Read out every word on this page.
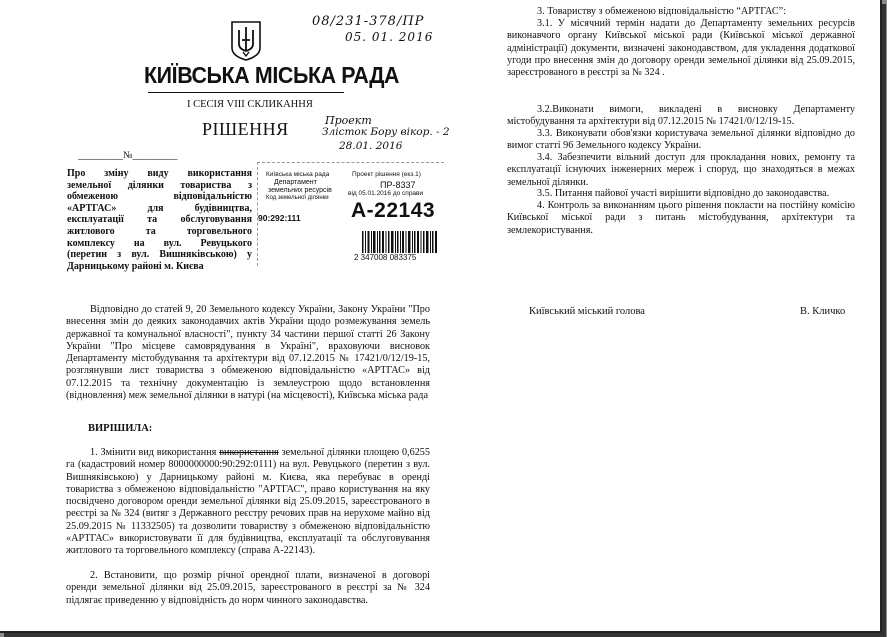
08/231-378/ПР
05. 01. 2016
КИЇВСЬКА МІСЬКА РАДА
І СЕСІЯ VIII СКЛИКАННЯ
РІШЕННЯ	Проект
Злісток Бору вікор. - 2
28.01. 2016
_________№_________
Про зміну виду використання
земельної ділянки товариства з
обмеженою відповідальністю
«АРТГАС» для будівництва,
експлуатації та обслуговування
житлового та торговельного
комплексу на вул. Ревуцького
(перетин з вул. Вишняківською) у
Дарницькому районі м. Києва
Київська міська рада
Департамент
земельних ресурсів
Код земельної ділянки
90:292:111
Проект рішення (екз.1)
ПР-8337
від 05.01.2016 до справи
А-22143
2 347008 083375
Відповідно до статей 9, 20 Земельного кодексу України, Закону України "Про внесення змін до деяких законодавчих актів України щодо розмежування земель державної та комунальної власності", пункту 34 частини першої статті 26 Закону України "Про місцеве самоврядування в Україні", враховуючи висновок Департаменту містобудування та архітектури від 07.12.2015 № 17421/0/12/19-15, розглянувши лист товариства з обмеженою відповідальністю «АРТГАС» від 07.12.2015 та технічну документацію із землеустрою щодо встановлення (відновлення) меж земельної ділянки в натурі (на місцевості), Київська міська рада
ВИРІШИЛА:
1. Змінити вид використання використання земельної ділянки площею 0,6255 га (кадастровий номер 8000000000:90:292:0111) на вул. Ревуцького (перетин з вул. Вишняківською) у Дарницькому районі м. Києва, яка перебуває в оренді товариства з обмеженою відповідальністю "АРТГАС", право користування на яку посвідчено договором оренди земельної ділянки від 25.09.2015, зареєстрованого в реєстрі за № 324 (витяг з Державного реєстру речових прав на нерухоме майно від 25.09.2015 № 11332505) та дозволити товариству з обмеженою відповідальністю «АРТГАС» використовувати її для будівництва, експлуатації та обслуговування житлового та торговельного комплексу (справа А-22143).
2. Встановити, що розмір річної орендної плати, визначеної в договорі оренди земельної ділянки від 25.09.2015, зареєстрованого в реєстрі за № 324 підлягає приведенню у відповідність до норм чинного законодавства.
3. Товариству з обмеженою відповідальністю “АРТГАС”:
3.1. У місячний термін надати до Департаменту земельних ресурсів виконавчого органу Київської міської ради (Київської міської державної адміністрації) документи, визначені законодавством, для укладення додаткової угоди про внесення змін до договору оренди земельної ділянки від 25.09.2015, зареєстрованого в реєстрі за № 324 .
3.2.Виконати вимоги, викладені в висновку Департаменту містобудування та архітектури від 07.12.2015 № 17421/0/12/19-15.
3.3. Виконувати обов'язки користувача земельної ділянки відповідно до вимог статті 96 Земельного кодексу України.
3.4. Забезпечити вільний доступ для прокладання нових, ремонту та експлуатації існуючих інженерних мереж і споруд, що знаходяться в межах земельної ділянки.
3.5. Питання пайової участі вирішити відповідно до законодавства.
4. Контроль за виконанням цього рішення покласти на постійну комісію Київської міської ради з питань містобудування, архітектури та землекористування.
Київський міський голова	В. Кличко
